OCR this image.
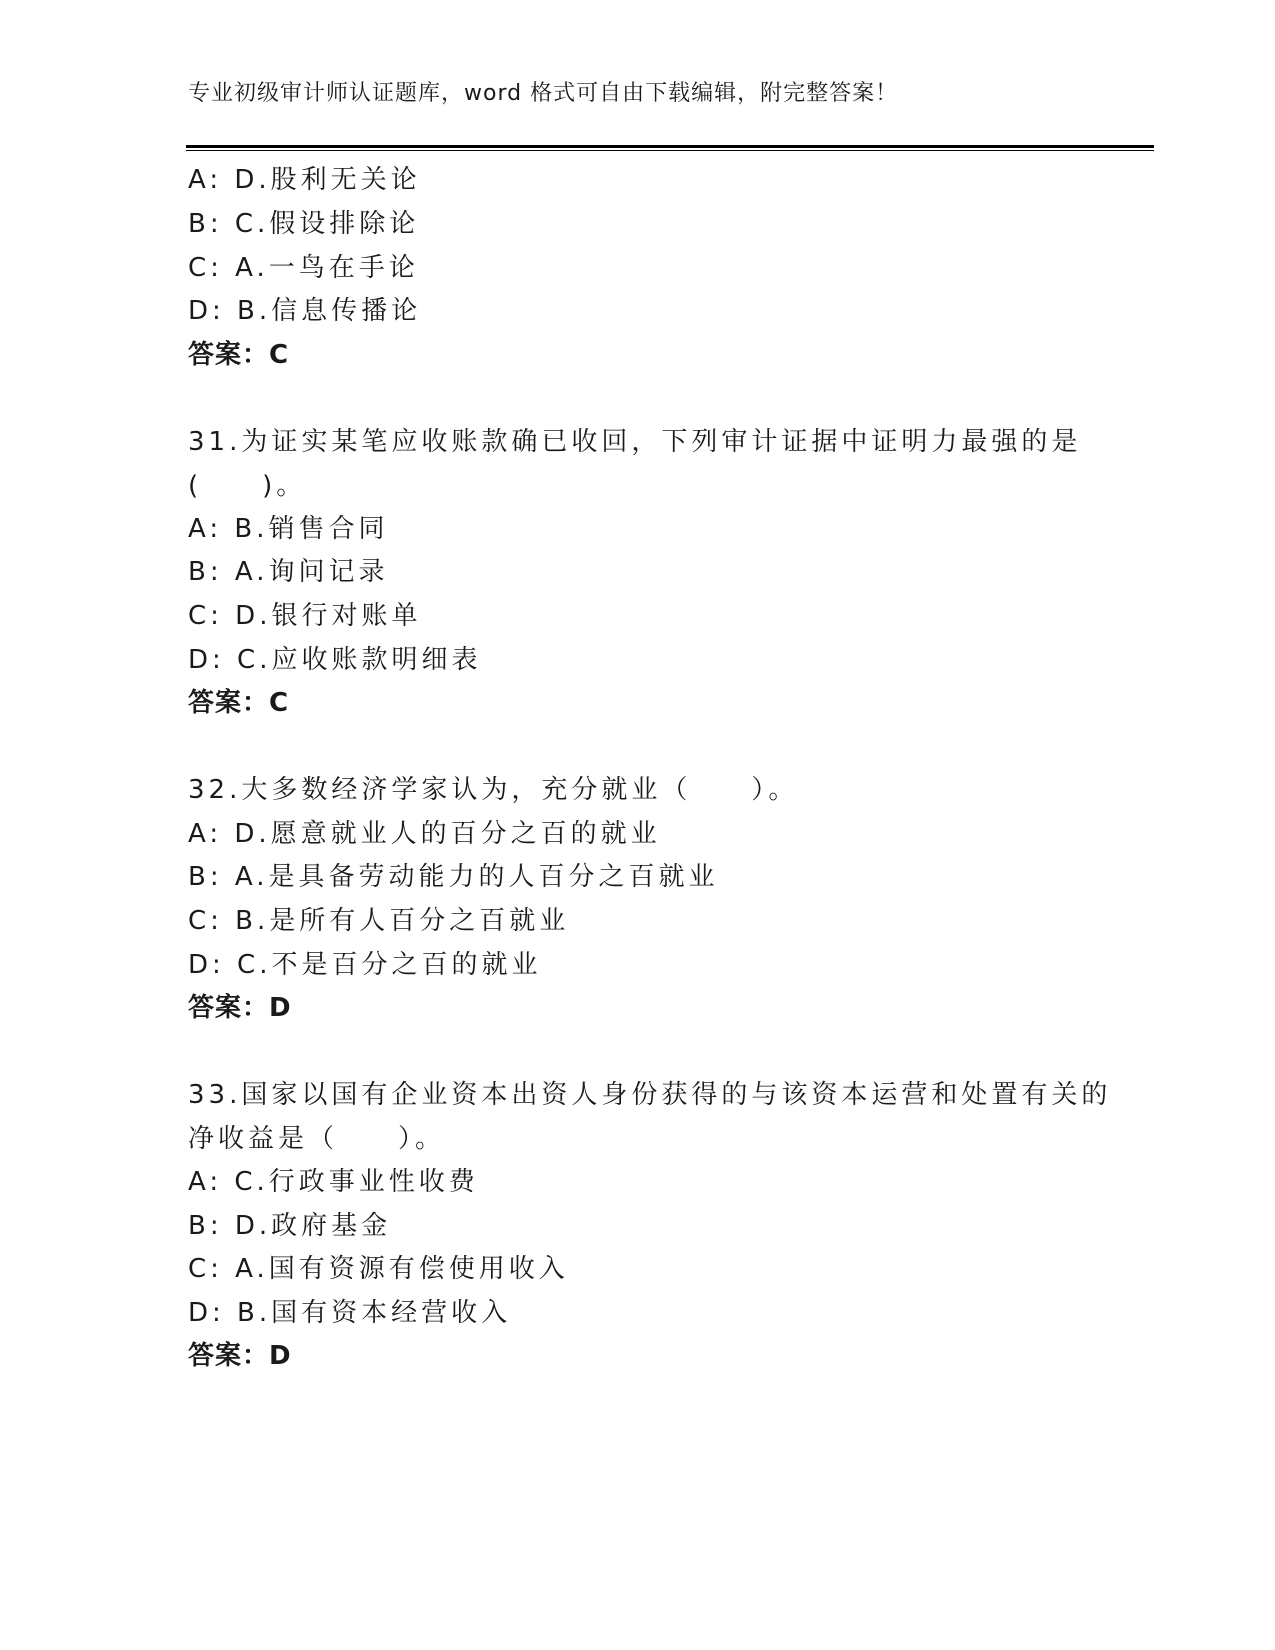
专业初级审计师认证题库，word 格式可自由下载编辑，附完整答案！
A: D.股利无关论
B: C.假设排除论
C: A.一鸟在手论
D: B.信息传播论
答案：C
31.为证实某笔应收账款确已收回，下列审计证据中证明力最强的是
(　　)。
A: B.销售合同
B: A.询问记录
C: D.银行对账单
D: C.应收账款明细表
答案：C
32.大多数经济学家认为，充分就业（　　）。
A: D.愿意就业人的百分之百的就业
B: A.是具备劳动能力的人百分之百就业
C: B.是所有人百分之百就业
D: C.不是百分之百的就业
答案：D
33.国家以国有企业资本出资人身份获得的与该资本运营和处置有关的
净收益是（　　）。
A: C.行政事业性收费
B: D.政府基金
C: A.国有资源有偿使用收入
D: B.国有资本经营收入
答案：D
